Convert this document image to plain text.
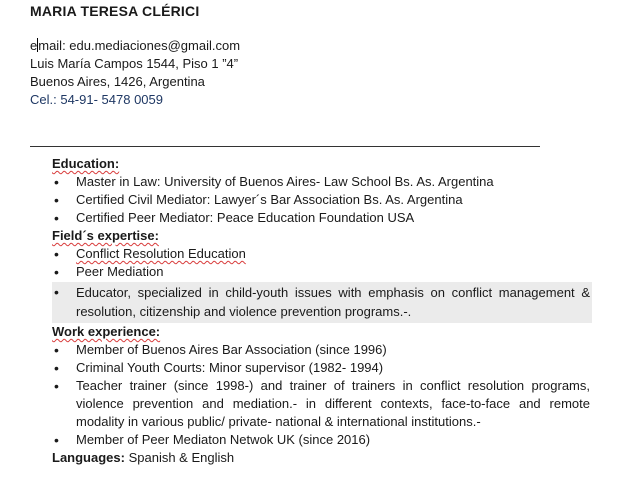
MARIA TERESA CLÉRICI
email: edu.mediaciones@gmail.com
Luis María Campos 1544, Piso 1 ”4”
Buenos Aires, 1426, Argentina
Cel.: 54-91- 5478 0059
Education:
• Master in Law: University of Buenos Aires- Law School Bs. As. Argentina
• Certified Civil Mediator: Lawyer´s Bar Association Bs. As. Argentina
• Certified Peer Mediator: Peace Education Foundation USA
Field´s expertise:
• Conflict Resolution Education
• Peer Mediation
• Educator, specialized in child-youth issues with emphasis on conflict management & resolution, citizenship and violence prevention programs.-.
Work experience:
• Member of Buenos Aires Bar Association (since 1996)
• Criminal Youth Courts: Minor supervisor (1982- 1994)
• Teacher trainer (since 1998-) and trainer of trainers in conflict resolution programs, violence prevention and mediation.- in different contexts, face-to-face and remote modality in various public/ private- national & international institutions.-
• Member of Peer Mediaton Netwok UK (since 2016)
Languages: Spanish & English
